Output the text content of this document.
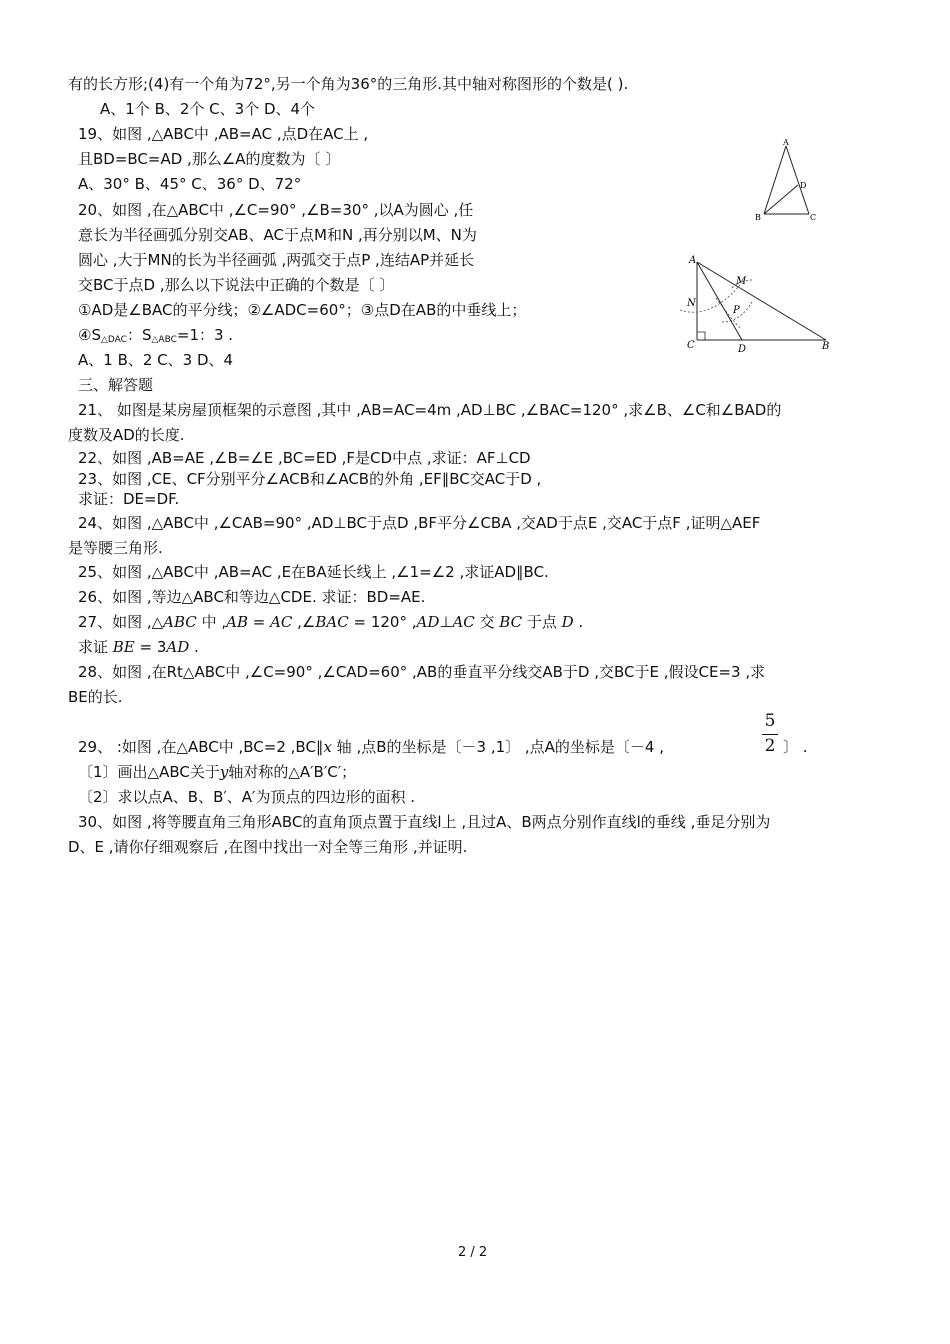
有的长方形;(4)有一个角为72°,另一个角为36°的三角形.其中轴对称图形的个数是( ).
A、1个 B、2个 C、3个 D、4个
19、如图 ,△ABC中 ,AB=AC ,点D在AC上 ,
且BD=BC=AD ,那么∠A的度数为〔 〕
A、30° B、45° C、36° D、72°
A
B	C
D
20、如图 ,在△ABC中 ,∠C=90° ,∠B=30° ,以A为圆心 ,任
意长为半径画弧分别交AB、AC于点M和N ,再分别以M、N为
圆心 ,大于MN的长为半径画弧 ,两弧交于点P ,连结AP并延长
交BC于点D ,那么以下说法中正确的个数是〔 〕
①AD是∠BAC的平分线；②∠ADC=60°；③点D在AB的中垂线上；
$④S_{\triangle DAC}$：$S_{\triangle ABC}=1$：3 .
A、1 B、2 C、3 D、4
A
B
C	D
M
N
P
三、解答题
21、 如图是某房屋顶框架的示意图 ,其中 ,AB=AC=4m ,AD⊥BC ,∠BAC=120° ,求∠B、∠C和∠BAD的
度数及AD的长度.
22、如图 ,AB=AE ,∠B=∠E ,BC=ED ,F是CD中点 ,求证：AF⊥CD
23、如图 ,CE、CF分别平分∠ACB和∠ACB的外角 ,EF∥BC交AC于D ,
求证：DE=DF.
24、如图 ,△ABC中 ,∠CAB=90° ,AD⊥BC于点D ,BF平分∠CBA ,交AD于点E ,交AC于点F ,证明△AEF
是等腰三角形.
25、如图 ,△ABC中 ,AB=AC ,E在BA延长线上 ,∠1=∠2 ,求证AD∥BC.
26、如图 ,等边△ABC和等边△CDE. 求证：BD=AE.
27、如图 ,△ABC 中 ,AB = AC ,∠BAC = 120° ,AD⊥AC 交 BC 于点 D .
求证 BE = 3AD .
28、如图 ,在Rt△ABC中 ,∠C=90° ,∠CAD=60° ,AB的垂直平分线交AB于D ,交BC于E ,假设CE=3 ,求
BE的长.
5
2
29、 :如图 ,在△ABC中 ,BC=2 ,BC∥x 轴 ,点B的坐标是〔－3 ,1〕 ,点A的坐标是〔－4 ,	〕 .
〔1〕画出△ABC关于y轴对称的△A′B′C′；
〔2〕求以点A、B、B′、A′为顶点的四边形的面积 .
30、如图 ,将等腰直角三角形ABC的直角顶点置于直线l上 ,且过A、B两点分别作直线l的垂线 ,垂足分别为
D、E ,请你仔细观察后 ,在图中找出一对全等三角形 ,并证明.
2 / 2
